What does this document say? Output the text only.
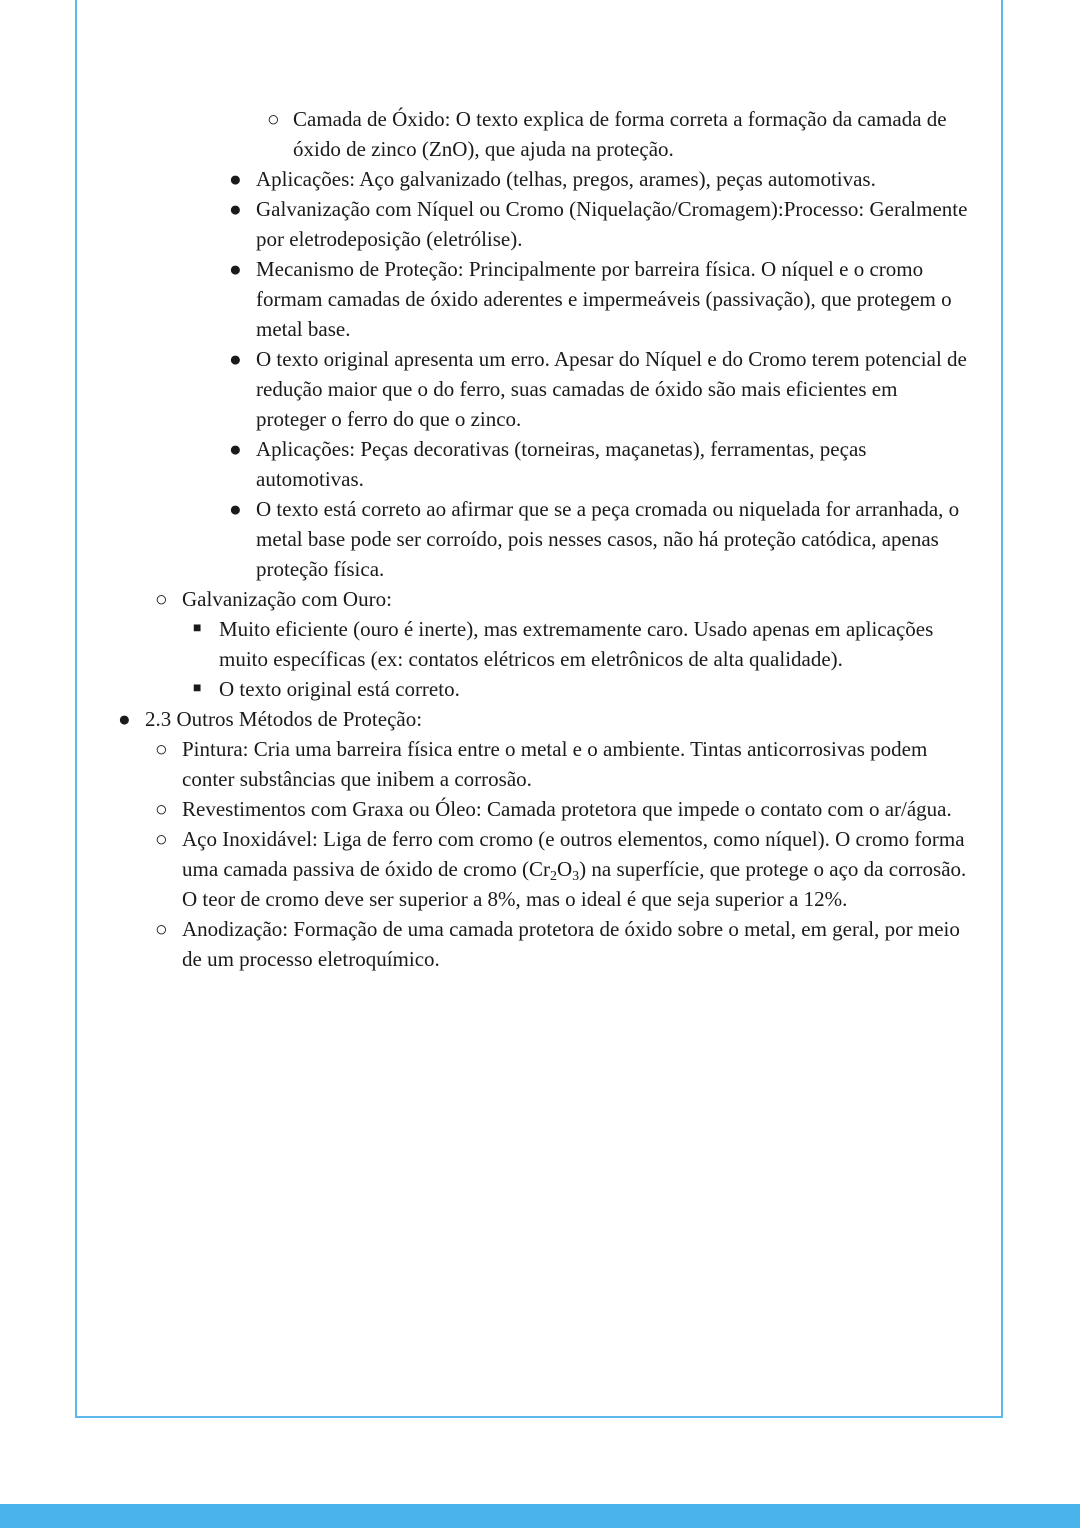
○ Camada de Óxido: O texto explica de forma correta a formação da camada de óxido de zinco (ZnO), que ajuda na proteção.
● Aplicações: Aço galvanizado (telhas, pregos, arames), peças automotivas.
● Galvanização com Níquel ou Cromo (Niquelação/Cromagem):Processo: Geralmente por eletrodeposição (eletrólise).
● Mecanismo de Proteção: Principalmente por barreira física. O níquel e o cromo formam camadas de óxido aderentes e impermeáveis (passivação), que protegem o metal base.
● O texto original apresenta um erro. Apesar do Níquel e do Cromo terem potencial de redução maior que o do ferro, suas camadas de óxido são mais eficientes em proteger o ferro do que o zinco.
● Aplicações: Peças decorativas (torneiras, maçanetas), ferramentas, peças automotivas.
● O texto está correto ao afirmar que se a peça cromada ou niquelada for arranhada, o metal base pode ser corroído, pois nesses casos, não há proteção catódica, apenas proteção física.
○ Galvanização com Ouro:
■ Muito eficiente (ouro é inerte), mas extremamente caro. Usado apenas em aplicações muito específicas (ex: contatos elétricos em eletrônicos de alta qualidade).
■ O texto original está correto.
● 2.3 Outros Métodos de Proteção:
○ Pintura: Cria uma barreira física entre o metal e o ambiente. Tintas anticorrosivas podem conter substâncias que inibem a corrosão.
○ Revestimentos com Graxa ou Óleo: Camada protetora que impede o contato com o ar/água.
○ Aço Inoxidável: Liga de ferro com cromo (e outros elementos, como níquel). O cromo forma uma camada passiva de óxido de cromo $(Cr_2O_3)$ na superfície, que protege o aço da corrosão. O teor de cromo deve ser superior a 8%, mas o ideal é que seja superior a 12%.
○ Anodização: Formação de uma camada protetora de óxido sobre o metal, em geral, por meio de um processo eletroquímico.
